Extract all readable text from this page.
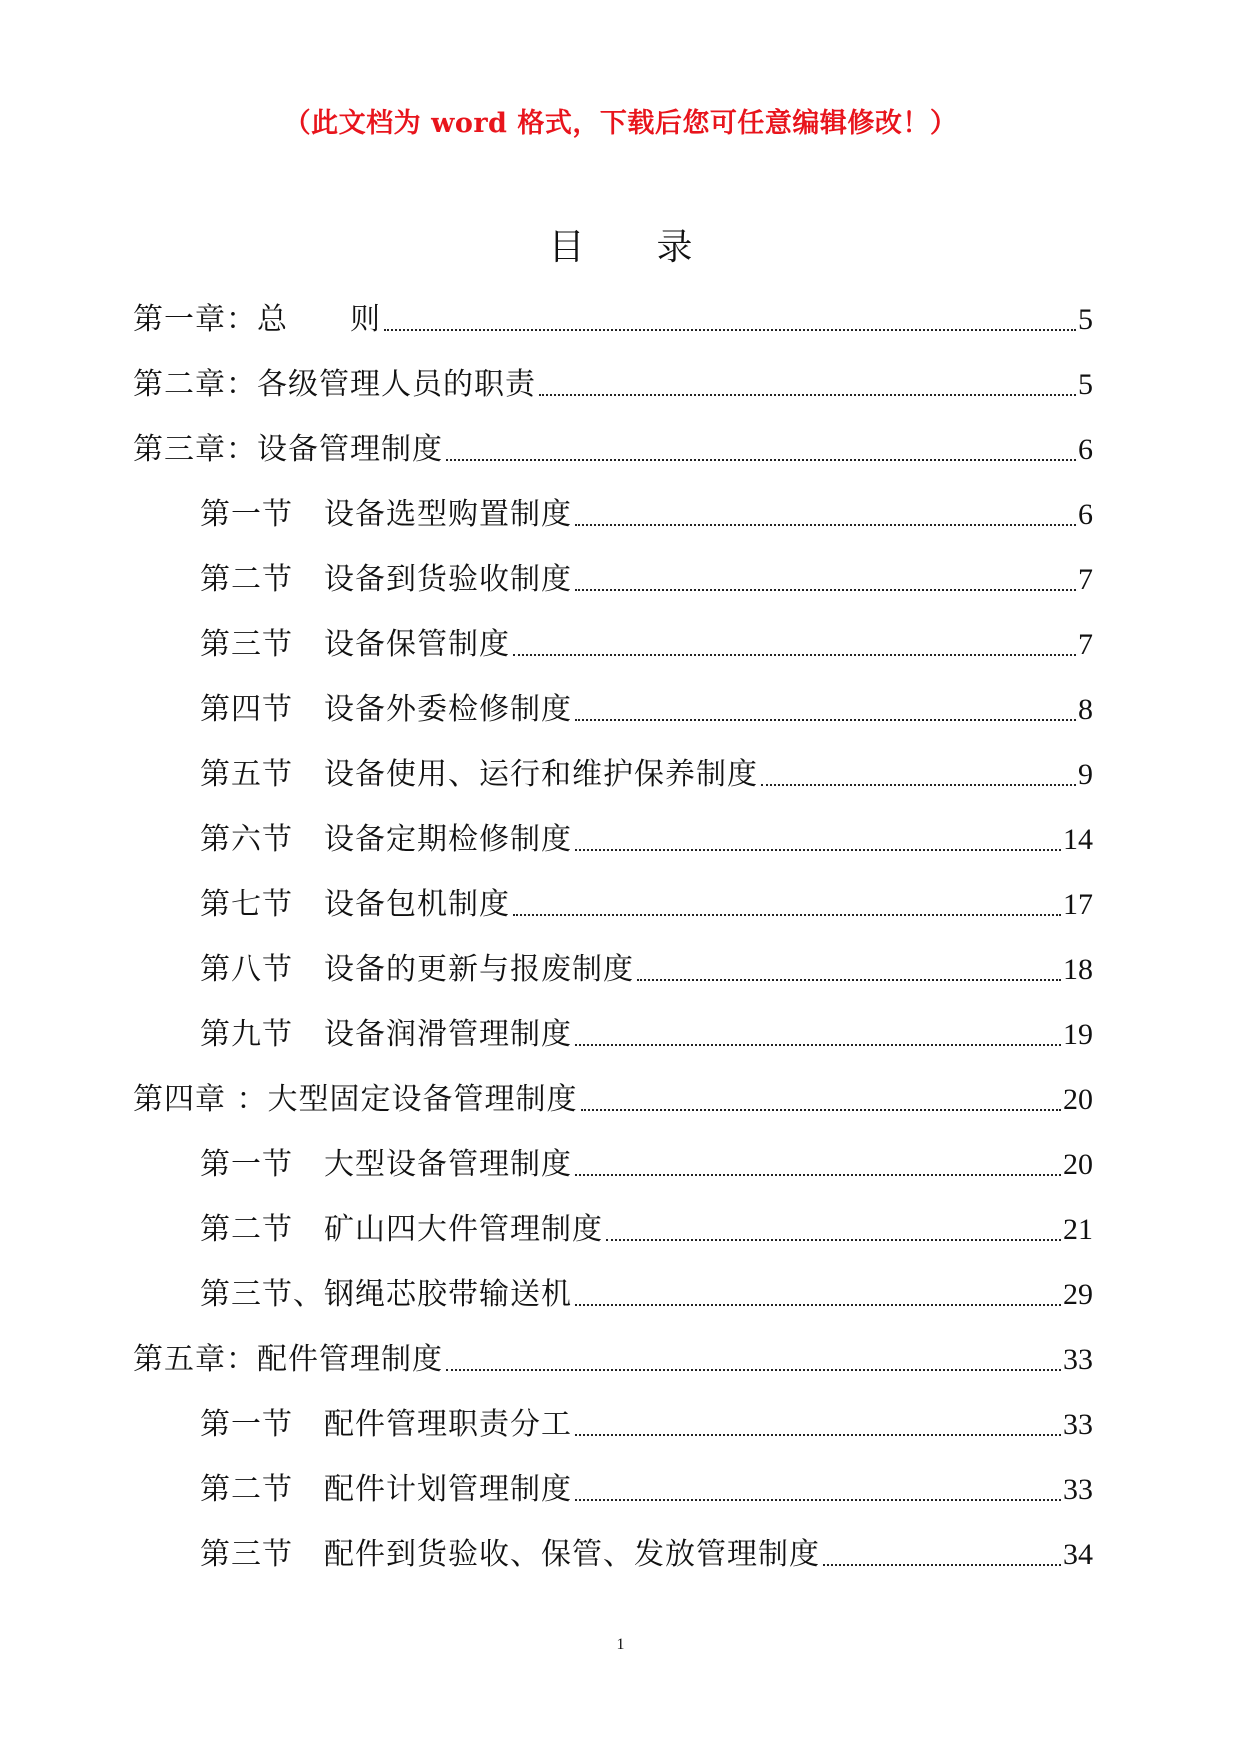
（此文档为 word 格式，下载后您可任意编辑修改！）
目　　录
第一章：总　　则	5
第二章：各级管理人员的职责	5
第三章：设备管理制度	6
第一节　设备选型购置制度	6
第二节　设备到货验收制度	7
第三节　设备保管制度	7
第四节　设备外委检修制度	8
第五节　设备使用、运行和维护保养制度	9
第六节　设备定期检修制度	14
第七节　设备包机制度	17
第八节　设备的更新与报废制度	18
第九节　设备润滑管理制度	19
第四章 ：大型固定设备管理制度	20
第一节　大型设备管理制度	20
第二节　矿山四大件管理制度	21
第三节、钢绳芯胶带输送机	29
第五章：配件管理制度	33
第一节　配件管理职责分工	33
第二节　配件计划管理制度	33
第三节　配件到货验收、保管、发放管理制度	34
1
